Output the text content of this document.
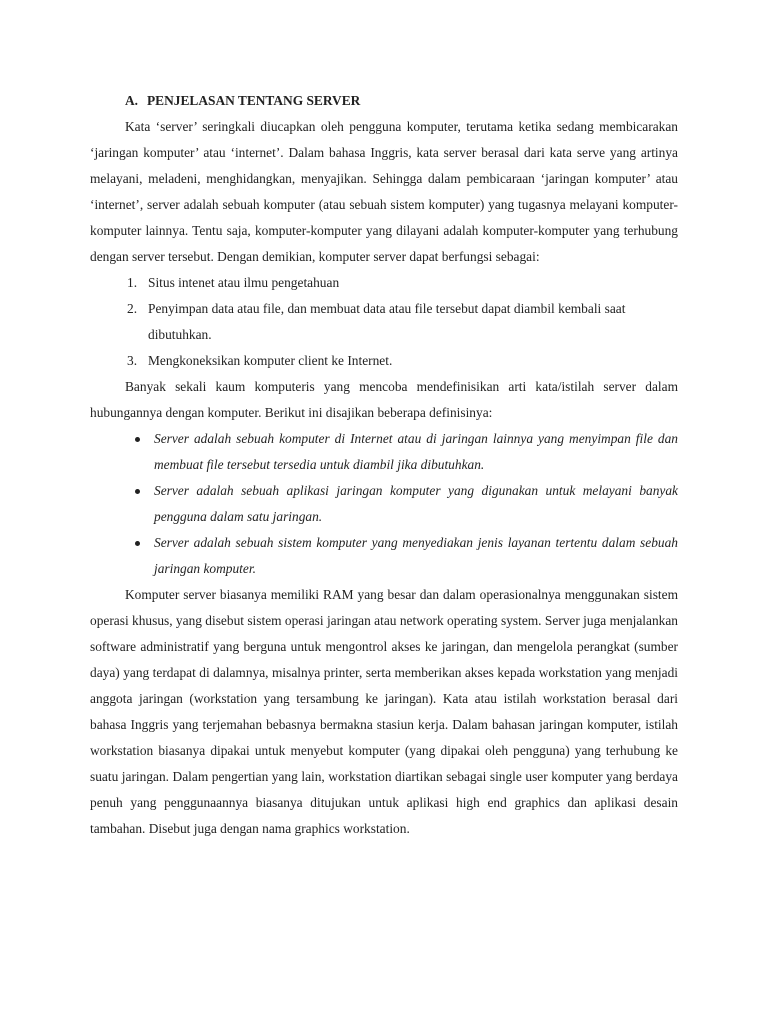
A. PENJELASAN TENTANG SERVER

Kata ‘server’ seringkali diucapkan oleh pengguna komputer, terutama ketika sedang membicarakan ‘jaringan komputer’ atau ‘internet’. Dalam bahasa Inggris, kata server berasal dari kata serve yang artinya melayani, meladeni, menghidangkan, menyajikan. Sehingga dalam pembicaraan ‘jaringan komputer’ atau ‘internet’, server adalah sebuah komputer (atau sebuah sistem komputer) yang tugasnya melayani komputer-komputer lainnya. Tentu saja, komputer-komputer yang dilayani adalah komputer-komputer yang terhubung dengan server tersebut. Dengan demikian, komputer server dapat berfungsi sebagai:

1. Situs intenet atau ilmu pengetahuan
2. Penyimpan data atau file, dan membuat data atau file tersebut dapat diambil kembali saat dibutuhkan.
3. Mengkoneksikan komputer client ke Internet.

Banyak sekali kaum komputeris yang mencoba mendefinisikan arti kata/istilah server dalam hubungannya dengan komputer. Berikut ini disajikan beberapa definisinya:

Server adalah sebuah komputer di Internet atau di jaringan lainnya yang menyimpan file dan membuat file tersebut tersedia untuk diambil jika dibutuhkan.
Server adalah sebuah aplikasi jaringan komputer yang digunakan untuk melayani banyak pengguna dalam satu jaringan.
Server adalah sebuah sistem komputer yang menyediakan jenis layanan tertentu dalam sebuah jaringan komputer.

Komputer server biasanya memiliki RAM yang besar dan dalam operasionalnya menggunakan sistem operasi khusus, yang disebut sistem operasi jaringan atau network operating system. Server juga menjalankan software administratif yang berguna untuk mengontrol akses ke jaringan, dan mengelola perangkat (sumber daya) yang terdapat di dalamnya, misalnya printer, serta memberikan akses kepada workstation yang menjadi anggota jaringan (workstation yang tersambung ke jaringan). Kata atau istilah workstation berasal dari bahasa Inggris yang terjemahan bebasnya bermakna stasiun kerja. Dalam bahasan jaringan komputer, istilah workstation biasanya dipakai untuk menyebut komputer (yang dipakai oleh pengguna) yang terhubung ke suatu jaringan. Dalam pengertian yang lain, workstation diartikan sebagai single user komputer yang berdaya penuh yang penggunaannya biasanya ditujukan untuk aplikasi high end graphics dan aplikasi desain tambahan. Disebut juga dengan nama graphics workstation.
